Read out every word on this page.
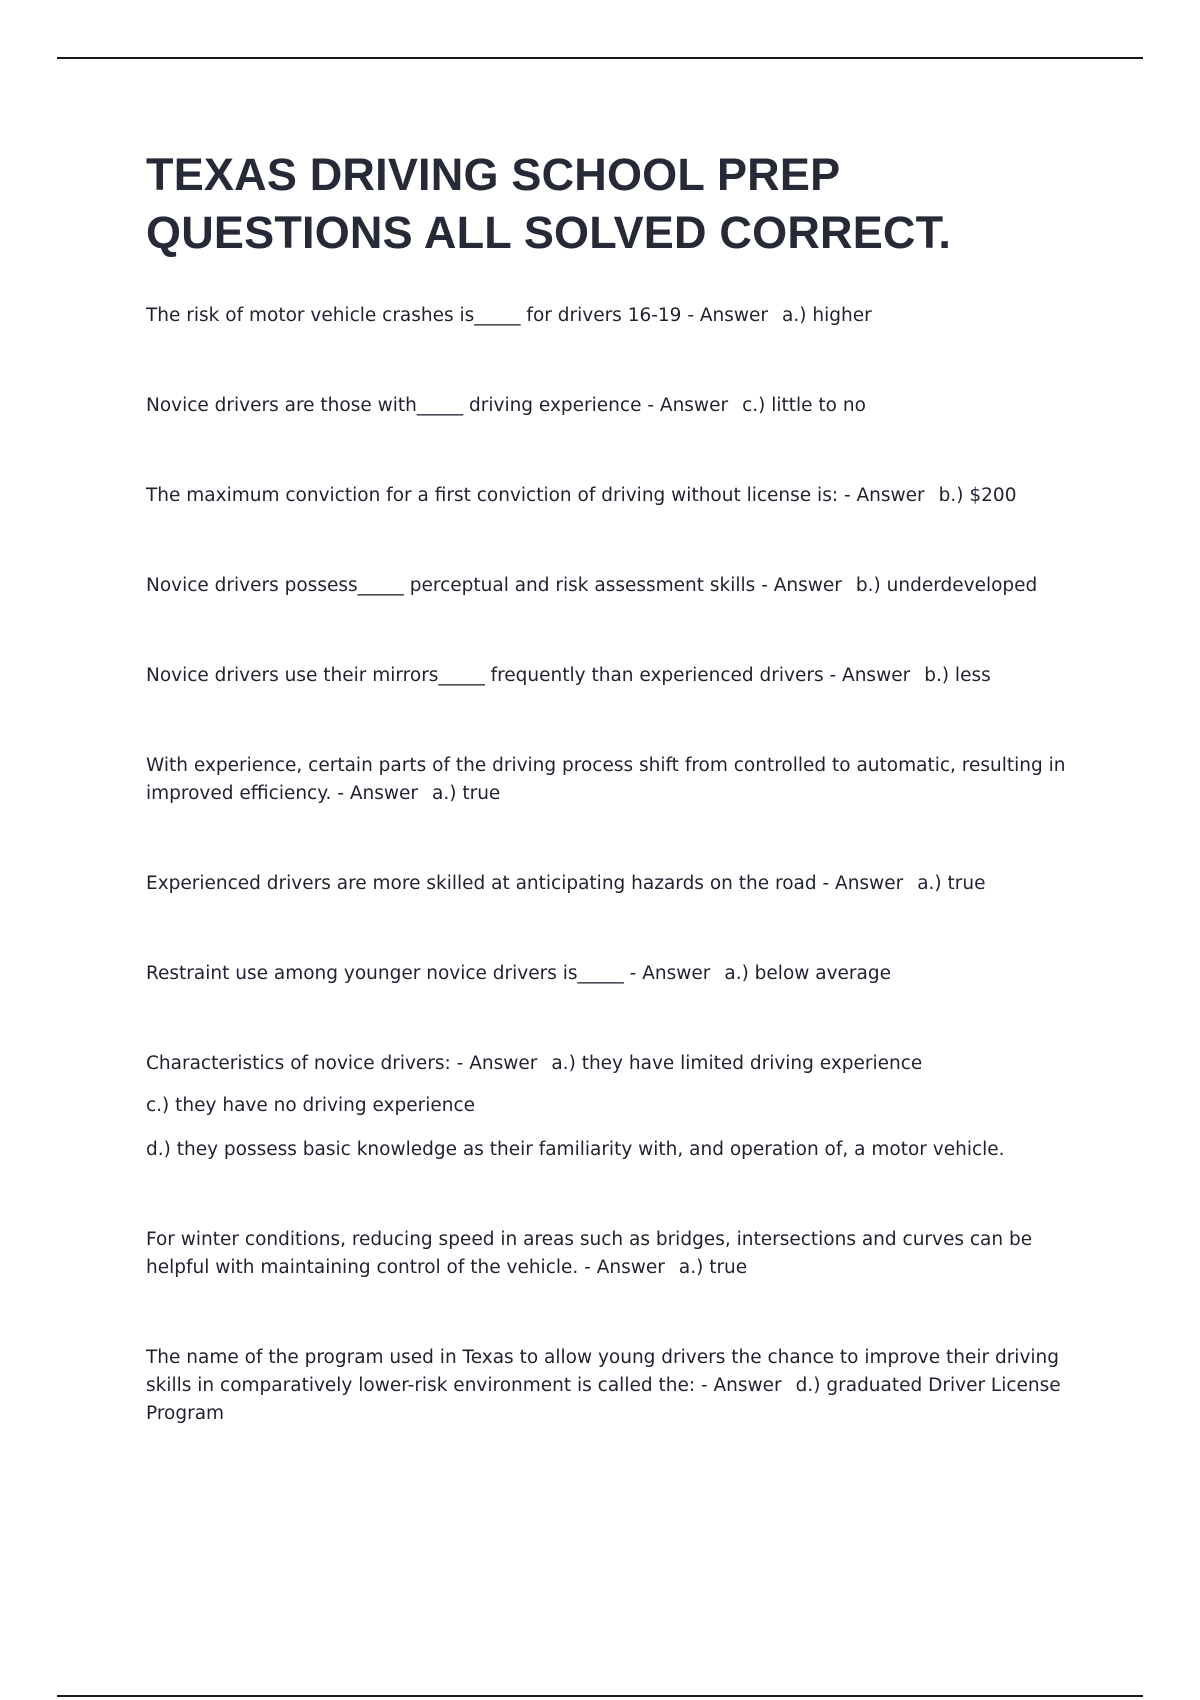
TEXAS DRIVING SCHOOL PREP QUESTIONS ALL SOLVED CORRECT.

The risk of motor vehicle crashes is_____ for drivers 16-19 - Answer a.) higher

Novice drivers are those with_____ driving experience - Answer c.) little to no

The maximum conviction for a first conviction of driving without license is: - Answer b.) $200

Novice drivers possess_____ perceptual and risk assessment skills - Answer b.) underdeveloped

Novice drivers use their mirrors_____ frequently than experienced drivers - Answer b.) less

With experience, certain parts of the driving process shift from controlled to automatic, resulting in improved efficiency. - Answer a.) true

Experienced drivers are more skilled at anticipating hazards on the road - Answer a.) true

Restraint use among younger novice drivers is_____ - Answer a.) below average

Characteristics of novice drivers: - Answer a.) they have limited driving experience
c.) they have no driving experience
d.) they possess basic knowledge as their familiarity with, and operation of, a motor vehicle.

For winter conditions, reducing speed in areas such as bridges, intersections and curves can be helpful with maintaining control of the vehicle. - Answer a.) true

The name of the program used in Texas to allow young drivers the chance to improve their driving skills in comparatively lower-risk environment is called the: - Answer d.) graduated Driver License Program
